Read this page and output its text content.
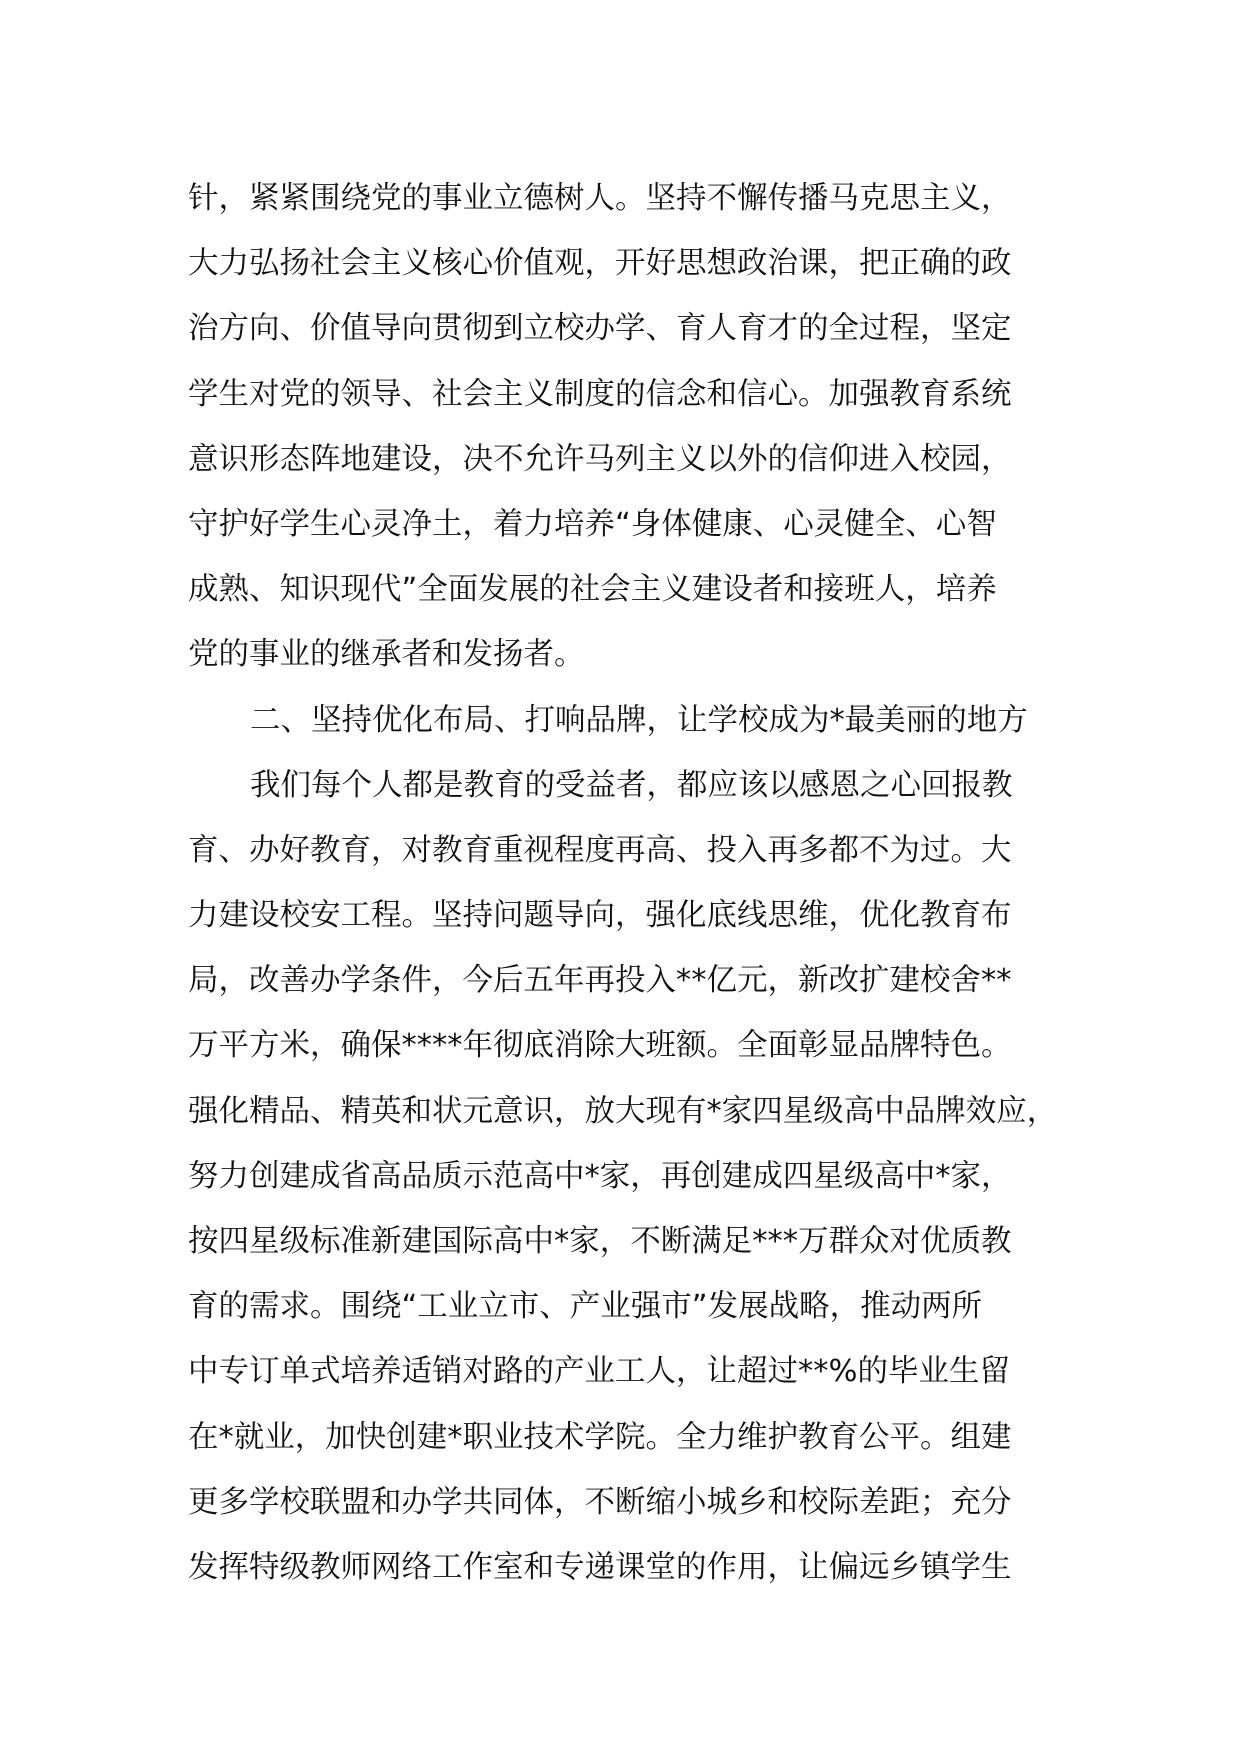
针，紧紧围绕党的事业立德树人。坚持不懈传播马克思主义，
大力弘扬社会主义核心价值观，开好思想政治课，把正确的政
治方向、价值导向贯彻到立校办学、育人育才的全过程，坚定
学生对党的领导、社会主义制度的信念和信心。加强教育系统
意识形态阵地建设，决不允许马列主义以外的信仰进入校园，
守护好学生心灵净土，着力培养“身体健康、心灵健全、心智
成熟、知识现代”全面发展的社会主义建设者和接班人，培养
党的事业的继承者和发扬者。
二、坚持优化布局、打响品牌，让学校成为*最美丽的地方
我们每个人都是教育的受益者，都应该以感恩之心回报教
育、办好教育，对教育重视程度再高、投入再多都不为过。大
力建设校安工程。坚持问题导向，强化底线思维，优化教育布
局，改善办学条件，今后五年再投入**亿元，新改扩建校舍**
万平方米，确保****年彻底消除大班额。全面彰显品牌特色。
强化精品、精英和状元意识，放大现有*家四星级高中品牌效应，
努力创建成省高品质示范高中*家，再创建成四星级高中*家，
按四星级标准新建国际高中*家，不断满足***万群众对优质教
育的需求。围绕“工业立市、产业强市”发展战略，推动两所
中专订单式培养适销对路的产业工人，让超过**%的毕业生留
在*就业，加快创建*职业技术学院。全力维护教育公平。组建
更多学校联盟和办学共同体，不断缩小城乡和校际差距；充分
发挥特级教师网络工作室和专递课堂的作用，让偏远乡镇学生
